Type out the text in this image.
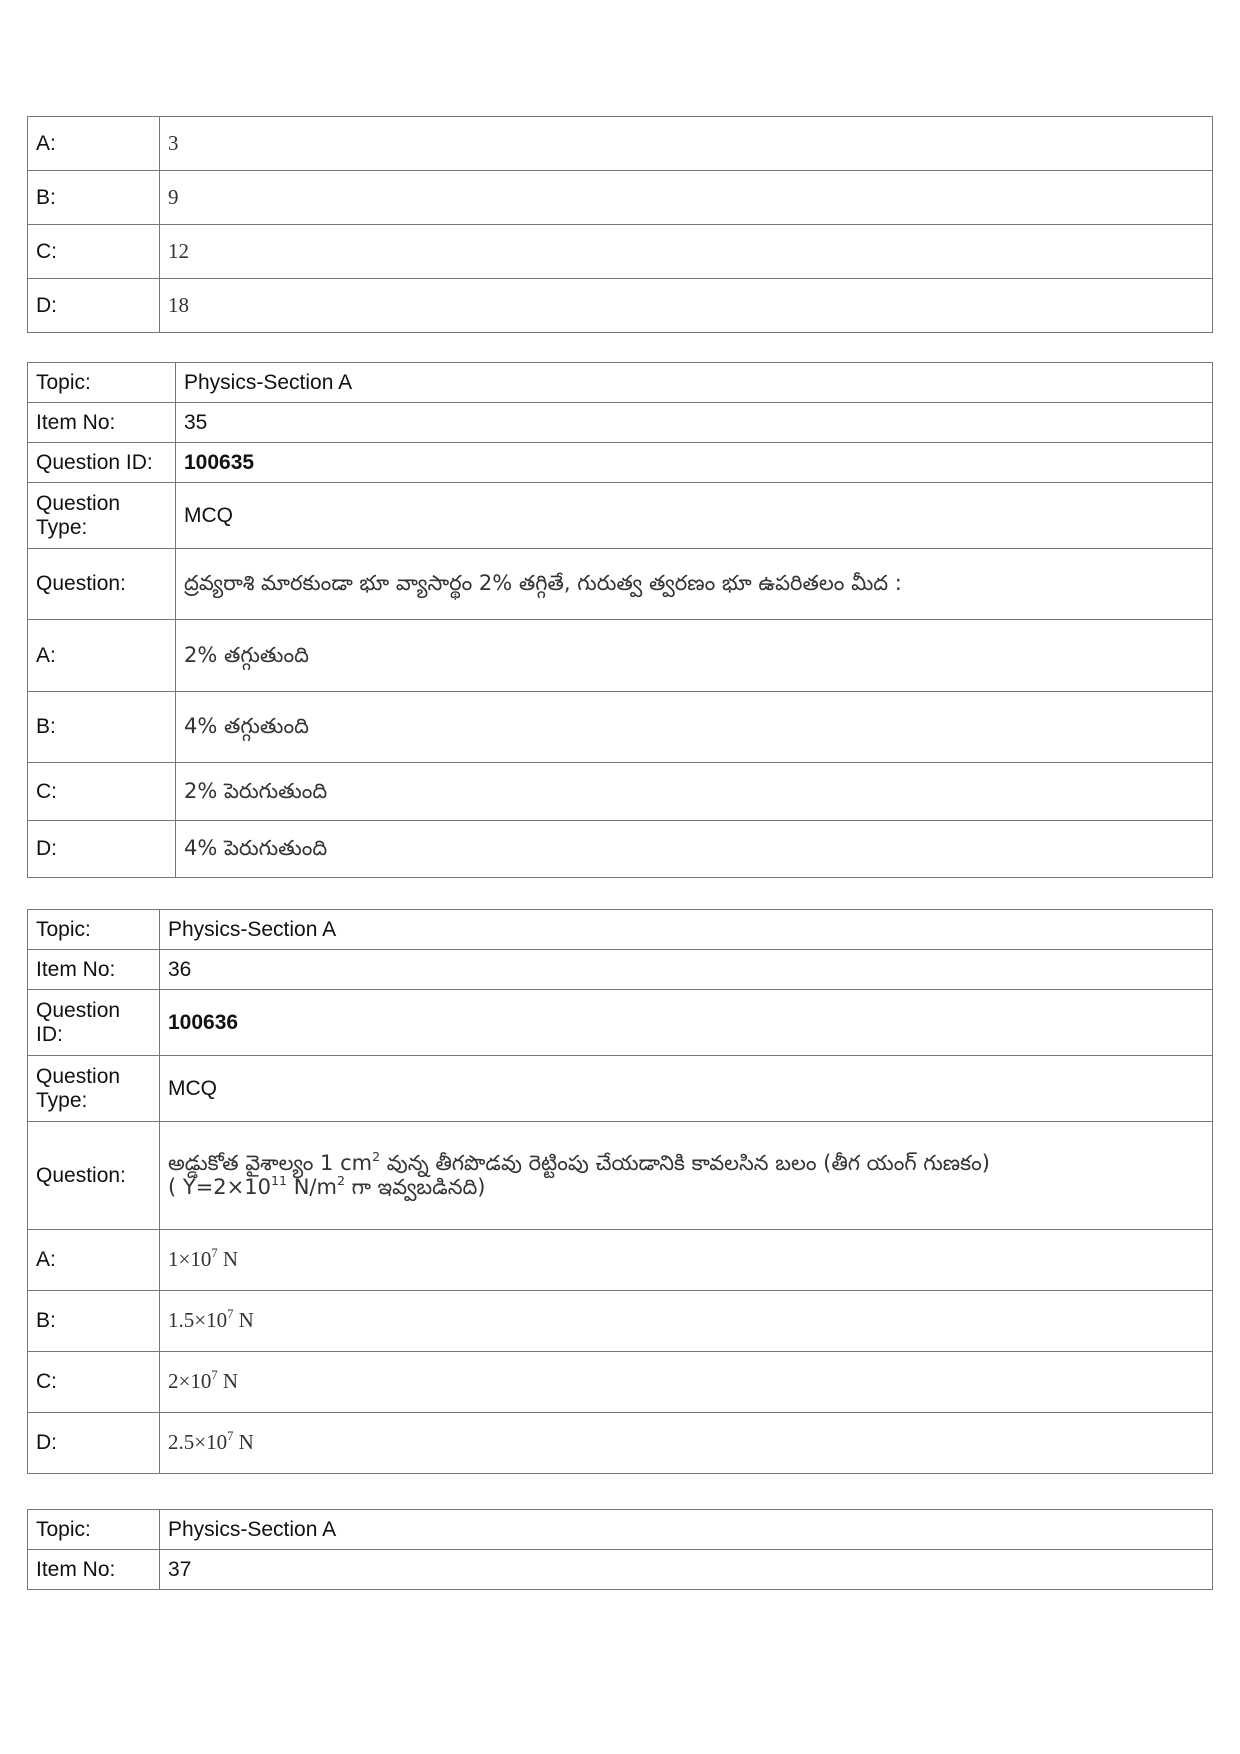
A:	3
B:	9
C:	12
D:	18
Topic:	Physics-Section A
Item No:	35
Question ID:	100635
Question Type:	MCQ
Question:	ద్రవ్యరాశి మారకుండా భూ వ్యాసార్థం 2% తగ్గితే, గురుత్వ త్వరణం భూ ఉపరితలం మీద :
A:	2% తగ్గుతుంది
B:	4% తగ్గుతుంది
C:	2% పెరుగుతుంది
D:	4% పెరుగుతుంది
Topic:	Physics-Section A
Item No:	36
Question ID:	100636
Question Type:	MCQ
Question:	అడ్డుకోత వైశాల్యం 1 $cm^2$ వున్న తీగపొడవు రెట్టింపు చేయడానికి కావలసిన బలం (తీగ యంగ్ గుణకం)
( $Y=2\times 10^{11}$ $N/m^2$ గా ఇవ్వబడినది)

A:	$1\times 10^7$ N
B:	$1.5\times 10^7$ N
C:	$2\times 10^7$ N
D:	$2.5\times 10^7$ N
Topic:	Physics-Section A
Item No:	37
